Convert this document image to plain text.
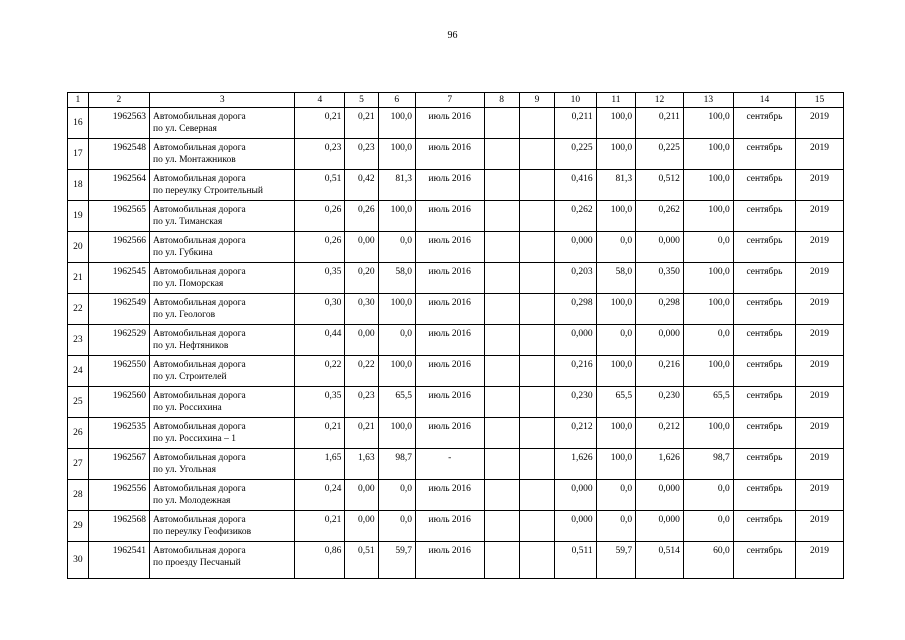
96
1	2	3	4	5	6	7	8	9	10	11	12	13	14	15
16	1962563	Автомобильная дорога
по ул. Северная	0,21	0,21	100,0	июль 2016			0,211	100,0	0,211	100,0	сентябрь	2019
17	1962548	Автомобильная дорога
по ул. Монтажников	0,23	0,23	100,0	июль 2016			0,225	100,0	0,225	100,0	сентябрь	2019
18	1962564	Автомобильная дорога
по переулку Строительный	0,51	0,42	81,3	июль 2016			0,416	81,3	0,512	100,0	сентябрь	2019
19	1962565	Автомобильная дорога
по ул. Тиманская	0,26	0,26	100,0	июль 2016			0,262	100,0	0,262	100,0	сентябрь	2019
20	1962566	Автомобильная дорога
по ул. Губкина	0,26	0,00	0,0	июль 2016			0,000	0,0	0,000	0,0	сентябрь	2019
21	1962545	Автомобильная дорога
по ул. Поморская	0,35	0,20	58,0	июль 2016			0,203	58,0	0,350	100,0	сентябрь	2019
22	1962549	Автомобильная дорога
по ул. Геологов	0,30	0,30	100,0	июль 2016			0,298	100,0	0,298	100,0	сентябрь	2019
23	1962529	Автомобильная дорога
по ул. Нефтяников	0,44	0,00	0,0	июль 2016			0,000	0,0	0,000	0,0	сентябрь	2019
24	1962550	Автомобильная дорога
по ул. Строителей	0,22	0,22	100,0	июль 2016			0,216	100,0	0,216	100,0	сентябрь	2019
25	1962560	Автомобильная дорога
по ул. Россихина	0,35	0,23	65,5	июль 2016			0,230	65,5	0,230	65,5	сентябрь	2019
26	1962535	Автомобильная дорога
по ул. Россихина – 1	0,21	0,21	100,0	июль 2016			0,212	100,0	0,212	100,0	сентябрь	2019
27	1962567	Автомобильная дорога
по ул. Угольная	1,65	1,63	98,7	-			1,626	100,0	1,626	98,7	сентябрь	2019
28	1962556	Автомобильная дорога
по ул. Молодежная	0,24	0,00	0,0	июль 2016			0,000	0,0	0,000	0,0	сентябрь	2019
29	1962568	Автомобильная дорога
по переулку Геофизиков	0,21	0,00	0,0	июль 2016			0,000	0,0	0,000	0,0	сентябрь	2019
30	1962541	Автомобильная дорога
по проезду Песчаный	0,86	0,51	59,7	июль 2016			0,511	59,7	0,514	60,0	сентябрь	2019
